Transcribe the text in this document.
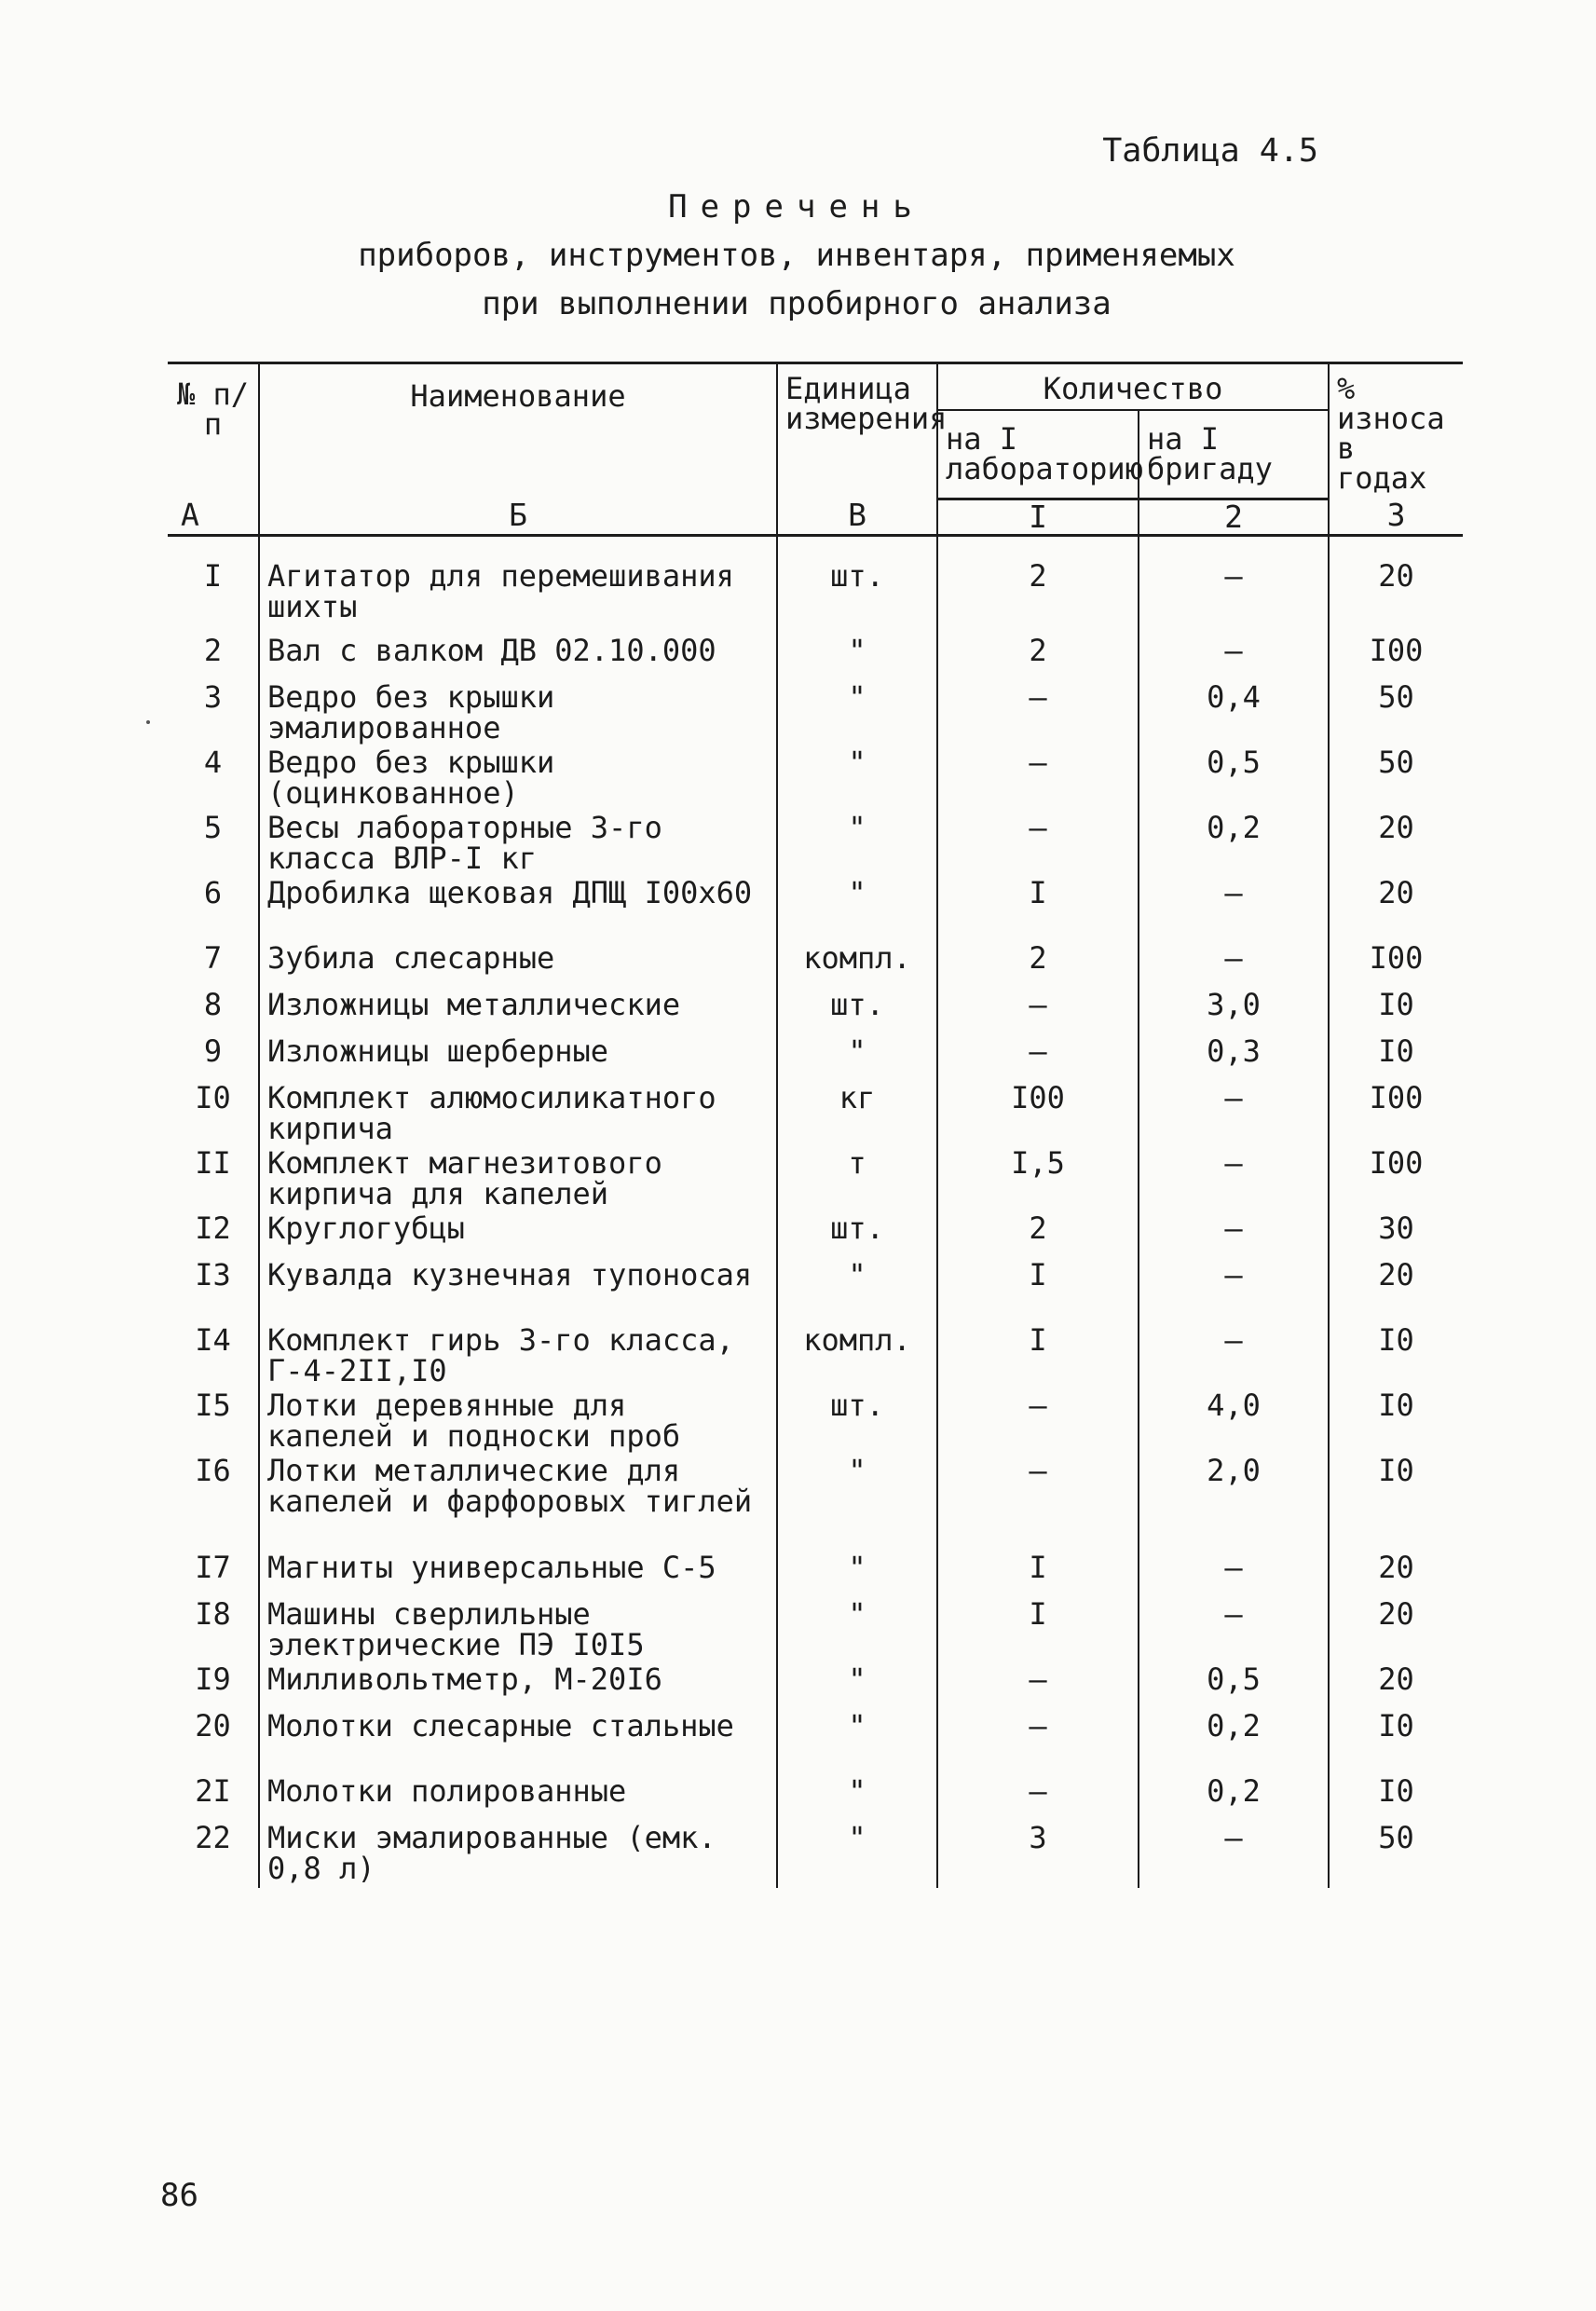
Таблица 4.5
Перечень
приборов, инструментов, инвентаря, применяемых
при выполнении пробирного анализа
№ п/п	Наименование	Единица измерения	Количество		% износа в годах
			на I лабораторию	на I бригаду	
А	Б	В	I	2	3
I	Агитатор для перемешивания шихты	шт.	2	–	20
2	Вал с валком ДВ 02.10.000	"	2	–	I00
3	Ведро без крышки эмалированное	"	–	0,4	50
4	Ведро без крышки (оцинкованное)	"	–	0,5	50
5	Весы лабораторные 3-го класса ВЛР-I кг	"	–	0,2	20
6	Дробилка щековая ДПЩ I00x60	"	I	–	20
7	Зубила слесарные	компл.	2	–	I00
8	Изложницы металлические	шт.	–	3,0	I0
9	Изложницы шерберные	"	–	0,3	I0
I0	Комплект алюмосиликатного кирпича	кг	I00	–	I00
II	Комплект магнезитового кирпича для капелей	т	I,5	–	I00
I2	Круглогубцы	шт.	2	–	30
I3	Кувалда кузнечная тупоносая	"	I	–	20
I4	Комплект гирь 3-го класса, Г-4-2II,I0	компл.	I	–	I0
I5	Лотки деревянные для капелей и подноски проб	шт.	–	4,0	I0
I6	Лотки металлические для капелей и фарфоровых тиглей	"	–	2,0	I0
I7	Магниты универсальные С-5	"	I	–	20
I8	Машины сверлильные электрические ПЭ I0I5	"	I	–	20
I9	Милливольтметр, М-20I6	"	–	0,5	20
20	Молотки слесарные стальные	"	–	0,2	I0
2I	Молотки полированные	"	–	0,2	I0
22	Миски эмалированные (емк. 0,8 л)	"	3	–	50
86
